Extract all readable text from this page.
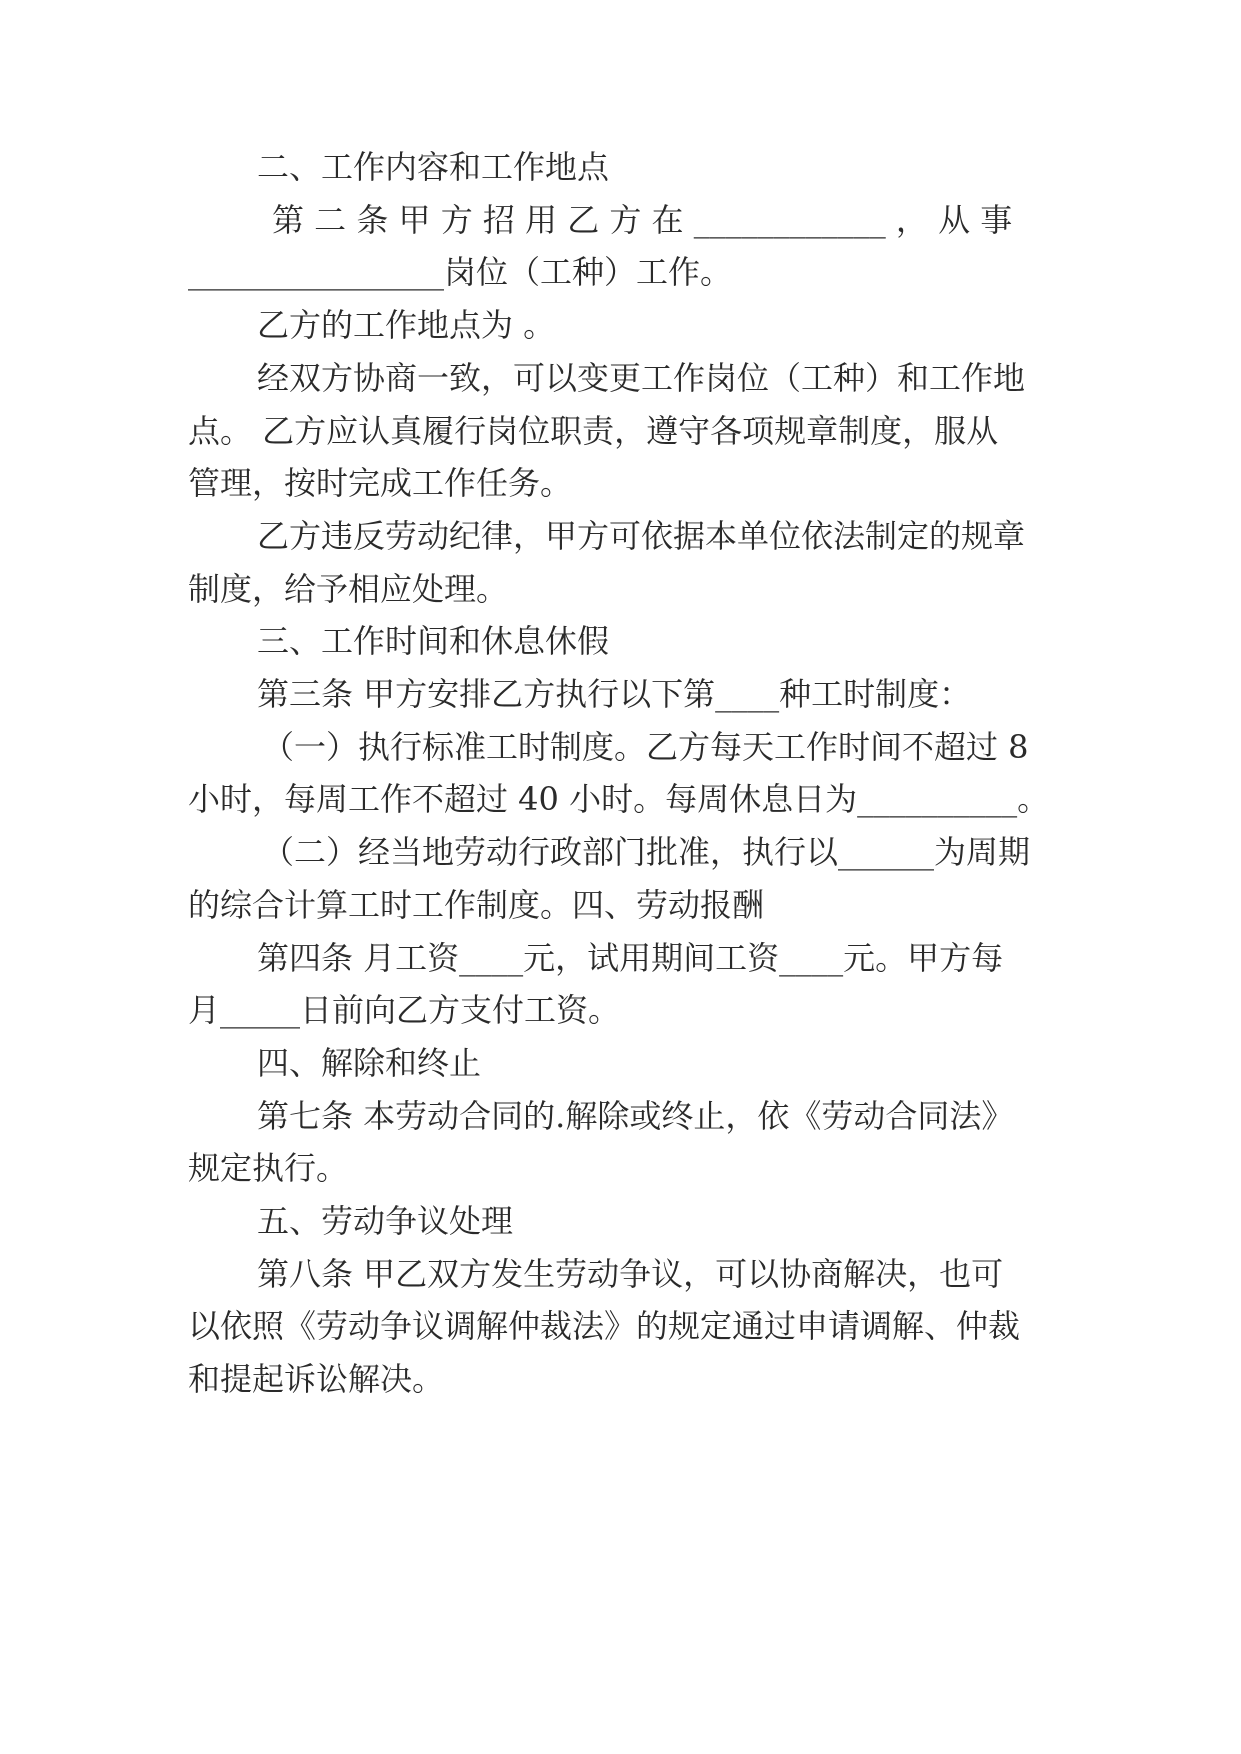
二、工作内容和工作地点
第 二 条 甲 方 招 用 乙 方 在 ____________ ， 从 事
________________岗位（工种）工作。
乙方的工作地点为 。
经双方协商一致，可以变更工作岗位（工种）和工作地
点。 乙方应认真履行岗位职责，遵守各项规章制度，服从
管理，按时完成工作任务。
乙方违反劳动纪律，甲方可依据本单位依法制定的规章
制度，给予相应处理。
三、工作时间和休息休假
第三条 甲方安排乙方执行以下第____种工时制度：
（一）执行标准工时制度。乙方每天工作时间不超过 8
小时，每周工作不超过 40 小时。每周休息日为__________。
（二）经当地劳动行政部门批准，执行以______为周期
的综合计算工时工作制度。四、劳动报酬
第四条 月工资____元，试用期间工资____元。甲方每
月_____日前向乙方支付工资。
四、解除和终止
第七条 本劳动合同的.解除或终止，依《劳动合同法》
规定执行。
五、劳动争议处理
第八条 甲乙双方发生劳动争议，可以协商解决，也可
以依照《劳动争议调解仲裁法》的规定通过申请调解、仲裁
和提起诉讼解决。
